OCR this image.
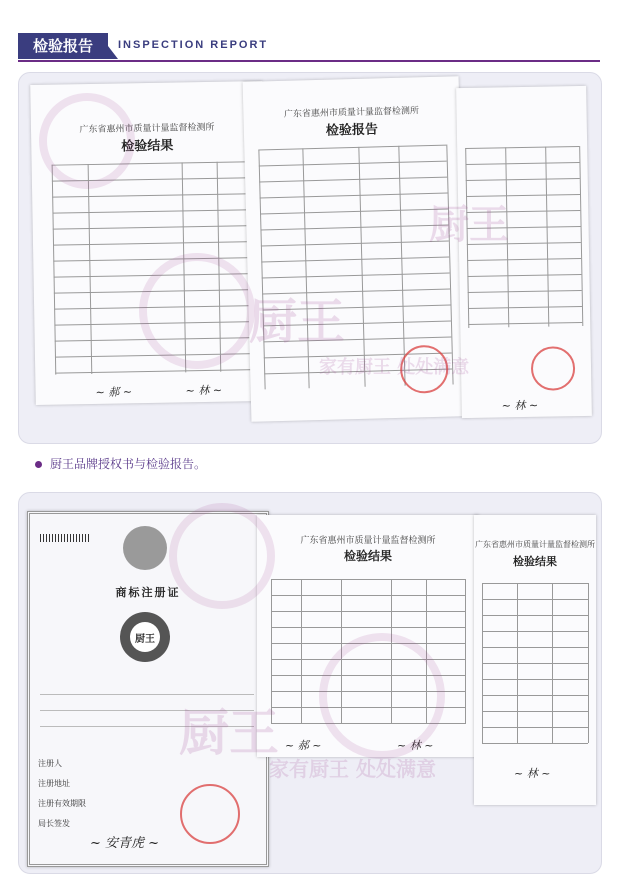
检验报告	INSPECTION REPORT
广东省惠州市质量计量监督检测所
检验结果
~ 郝 ~	~ 林 ~
广东省惠州市质量计量监督检测所
检验报告
~ 林 ~
厨王品牌授权书与检验报告。
商标注册证
厨王
注册人
注册地址
注册有效期限
局长签发
~ 安青虎 ~
广东省惠州市质量计量监督检测所
检验结果
~ 郝 ~	~ 林 ~
广东省惠州市质量计量监督检测所
检验结果
~ 林 ~
家有厨王 处处满意
